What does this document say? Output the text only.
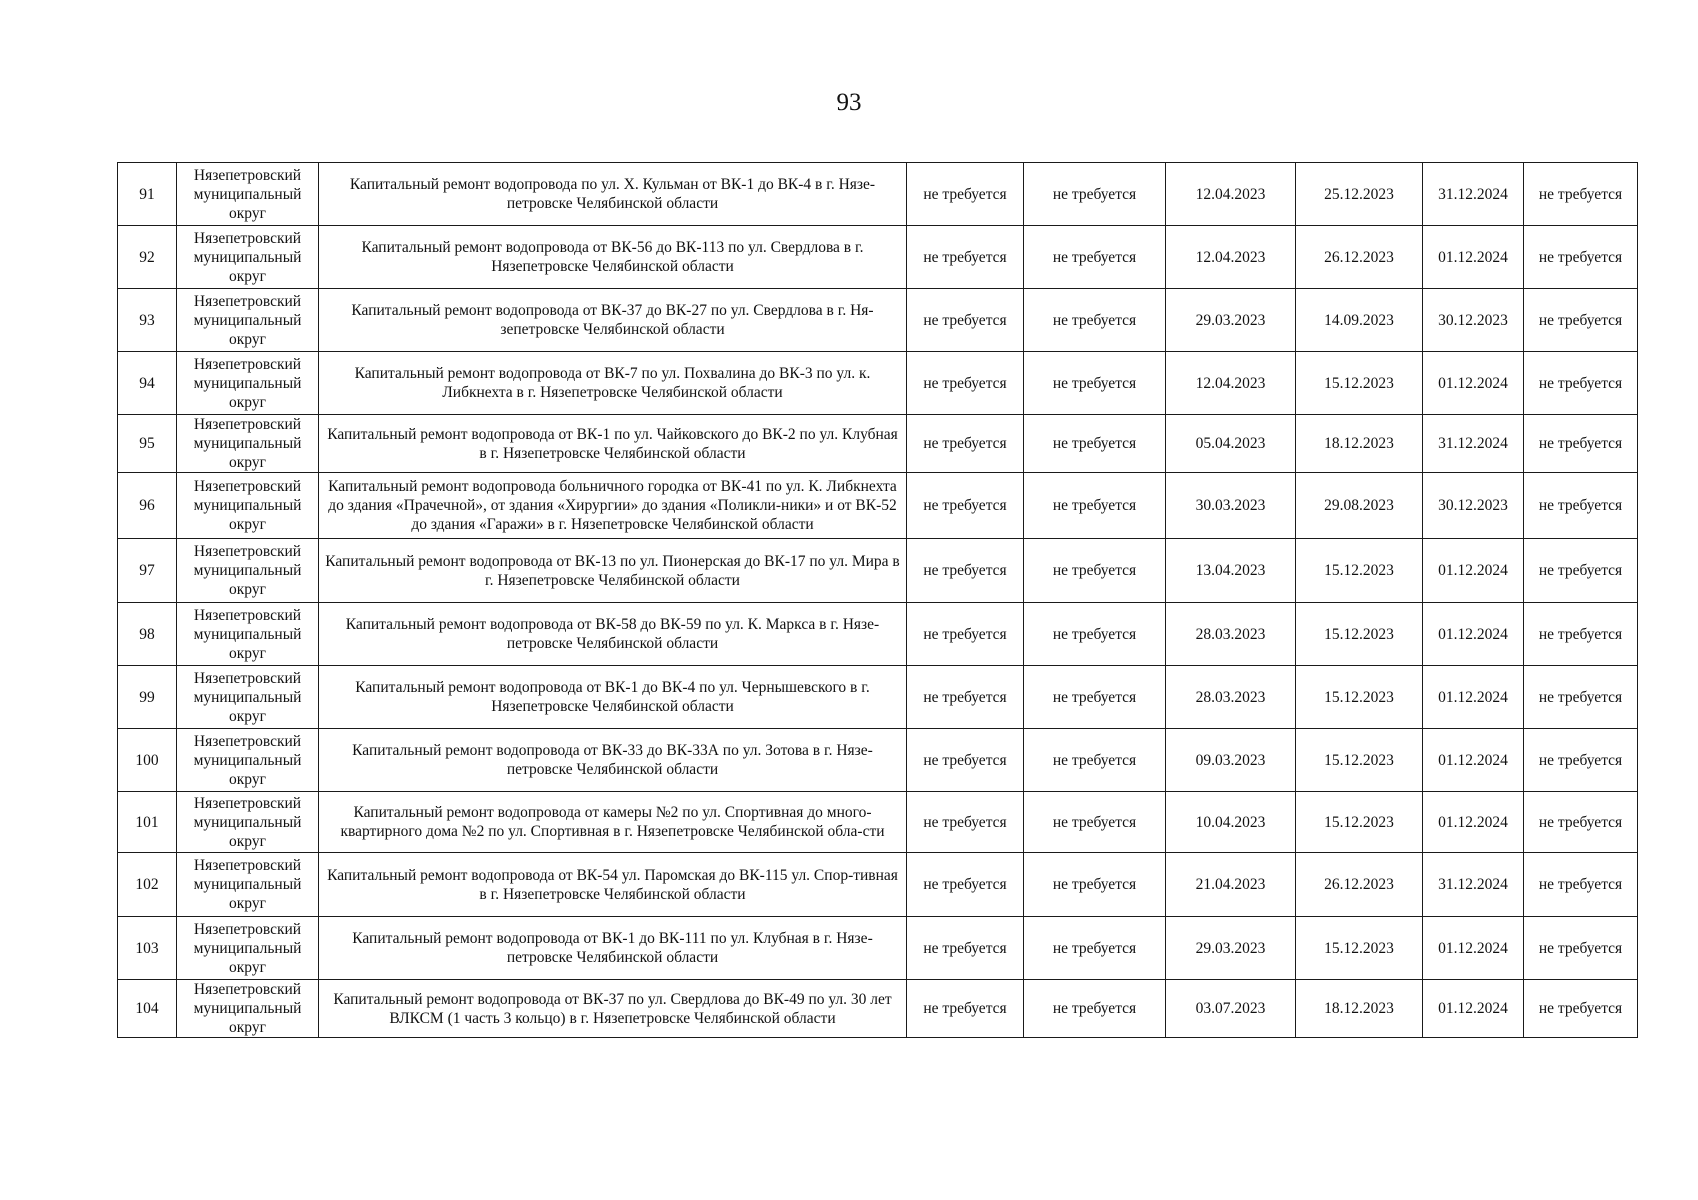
93
91	Нязепетровский муниципальный округ	Капитальный ремонт водопровода по ул. Х. Кульман от ВК-1 до ВК-4 в г. Нязе-петровске Челябинской области	не требуется	не требуется	12.04.2023	25.12.2023	31.12.2024	не требуется
92	Нязепетровский муниципальный округ	Капитальный ремонт водопровода от ВК-56 до ВК-113 по ул. Свердлова в г. Нязепетровске Челябинской области	не требуется	не требуется	12.04.2023	26.12.2023	01.12.2024	не требуется
93	Нязепетровский муниципальный округ	Капитальный ремонт водопровода от ВК-37 до ВК-27 по ул. Свердлова в г. Ня-зепетровске Челябинской области	не требуется	не требуется	29.03.2023	14.09.2023	30.12.2023	не требуется
94	Нязепетровский муниципальный округ	Капитальный ремонт водопровода от ВК-7 по ул. Похвалина до ВК-3 по ул. к. Либкнехта в г. Нязепетровске Челябинской области	не требуется	не требуется	12.04.2023	15.12.2023	01.12.2024	не требуется
95	Нязепетровский муниципальный округ	Капитальный ремонт водопровода от ВК-1 по ул. Чайковского до ВК-2 по ул. Клубная в г. Нязепетровске Челябинской области	не требуется	не требуется	05.04.2023	18.12.2023	31.12.2024	не требуется
96	Нязепетровский муниципальный округ	Капитальный ремонт водопровода больничного городка от ВК-41 по ул. К. Либкнехта до здания «Прачечной», от здания «Хирургии» до здания «Поликли-ники» и от ВК-52 до здания «Гаражи» в г. Нязепетровске Челябинской области	не требуется	не требуется	30.03.2023	29.08.2023	30.12.2023	не требуется
97	Нязепетровский муниципальный округ	Капитальный ремонт водопровода от ВК-13 по ул. Пионерская до ВК-17 по ул. Мира в г. Нязепетровске Челябинской области	не требуется	не требуется	13.04.2023	15.12.2023	01.12.2024	не требуется
98	Нязепетровский муниципальный округ	Капитальный ремонт водопровода от ВК-58 до ВК-59 по ул. К. Маркса в г. Нязе-петровске Челябинской области	не требуется	не требуется	28.03.2023	15.12.2023	01.12.2024	не требуется
99	Нязепетровский муниципальный округ	Капитальный ремонт водопровода от ВК-1 до ВК-4 по ул. Чернышевского в г. Нязепетровске Челябинской области	не требуется	не требуется	28.03.2023	15.12.2023	01.12.2024	не требуется
100	Нязепетровский муниципальный округ	Капитальный ремонт водопровода от ВК-33 до ВК-33А по ул. Зотова в г. Нязе-петровске Челябинской области	не требуется	не требуется	09.03.2023	15.12.2023	01.12.2024	не требуется
101	Нязепетровский муниципальный округ	Капитальный ремонт водопровода от камеры №2 по ул. Спортивная до много-квартирного дома №2 по ул. Спортивная в г. Нязепетровске Челябинской обла-сти	не требуется	не требуется	10.04.2023	15.12.2023	01.12.2024	не требуется
102	Нязепетровский муниципальный округ	Капитальный ремонт водопровода от ВК-54 ул. Паромская до ВК-115 ул. Спор-тивная в г. Нязепетровске Челябинской области	не требуется	не требуется	21.04.2023	26.12.2023	31.12.2024	не требуется
103	Нязепетровский муниципальный округ	Капитальный ремонт водопровода от ВК-1 до ВК-111 по ул. Клубная в г. Нязе-петровске Челябинской области	не требуется	не требуется	29.03.2023	15.12.2023	01.12.2024	не требуется
104	Нязепетровский муниципальный округ	Капитальный ремонт водопровода от ВК-37 по ул. Свердлова до ВК-49 по ул. 30 лет ВЛКСМ (1 часть 3 кольцо) в г. Нязепетровске Челябинской области	не требуется	не требуется	03.07.2023	18.12.2023	01.12.2024	не требуется
